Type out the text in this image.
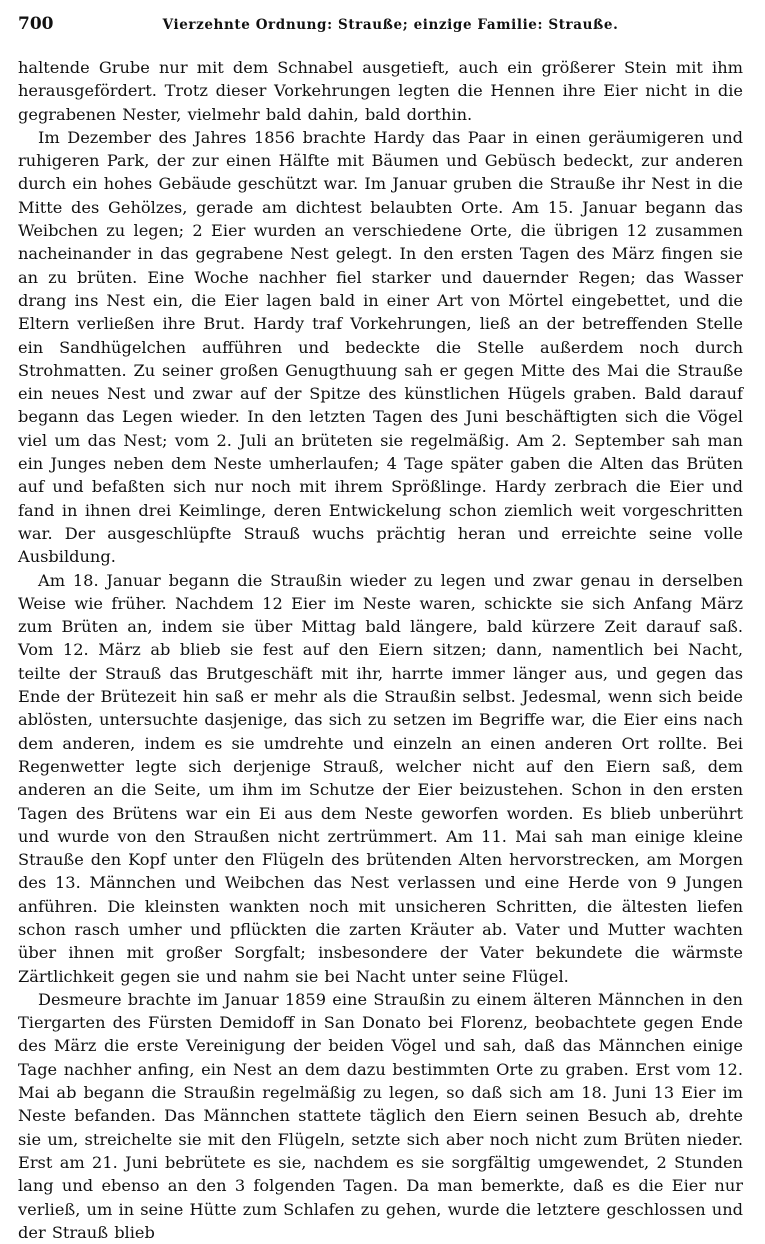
700	Vierzehnte Ordnung: Strauße; einzige Familie: Strauße.

haltende Grube nur mit dem Schnabel ausgetieft, auch ein größerer Stein mit ihm herausgefördert. Trotz dieser Vorkehrungen legten die Hennen ihre Eier nicht in die gegrabenen Nester, vielmehr bald dahin, bald dorthin.

Im Dezember des Jahres 1856 brachte Hardy das Paar in einen geräumigeren und ruhigeren Park, der zur einen Hälfte mit Bäumen und Gebüsch bedeckt, zur anderen durch ein hohes Gebäude geschützt war. Im Januar gruben die Strauße ihr Nest in die Mitte des Gehölzes, gerade am dichtest belaubten Orte. Am 15. Januar begann das Weibchen zu legen; 2 Eier wurden an verschiedene Orte, die übrigen 12 zusammen nacheinander in das gegrabene Nest gelegt. In den ersten Tagen des März fingen sie an zu brüten. Eine Woche nachher fiel starker und dauernder Regen; das Wasser drang ins Nest ein, die Eier lagen bald in einer Art von Mörtel eingebettet, und die Eltern verließen ihre Brut. Hardy traf Vorkehrungen, ließ an der betreffenden Stelle ein Sandhügelchen aufführen und bedeckte die Stelle außerdem noch durch Strohmatten. Zu seiner großen Genugthuung sah er gegen Mitte des Mai die Strauße ein neues Nest und zwar auf der Spitze des künstlichen Hügels graben. Bald darauf begann das Legen wieder. In den letzten Tagen des Juni beschäftigten sich die Vögel viel um das Nest; vom 2. Juli an brüteten sie regelmäßig. Am 2. September sah man ein Junges neben dem Neste umherlaufen; 4 Tage später gaben die Alten das Brüten auf und befaßten sich nur noch mit ihrem Sprößlinge. Hardy zerbrach die Eier und fand in ihnen drei Keimlinge, deren Entwickelung schon ziemlich weit vorgeschritten war. Der ausgeschlüpfte Strauß wuchs prächtig heran und erreichte seine volle Ausbildung.

Am 18. Januar begann die Straußin wieder zu legen und zwar genau in derselben Weise wie früher. Nachdem 12 Eier im Neste waren, schickte sie sich Anfang März zum Brüten an, indem sie über Mittag bald längere, bald kürzere Zeit darauf saß. Vom 12. März ab blieb sie fest auf den Eiern sitzen; dann, namentlich bei Nacht, teilte der Strauß das Brutgeschäft mit ihr, harrte immer länger aus, und gegen das Ende der Brütezeit hin saß er mehr als die Straußin selbst. Jedesmal, wenn sich beide ablösten, untersuchte dasjenige, das sich zu setzen im Begriffe war, die Eier eins nach dem anderen, indem es sie umdrehte und einzeln an einen anderen Ort rollte. Bei Regenwetter legte sich derjenige Strauß, welcher nicht auf den Eiern saß, dem anderen an die Seite, um ihm im Schutze der Eier beizustehen. Schon in den ersten Tagen des Brütens war ein Ei aus dem Neste geworfen worden. Es blieb unberührt und wurde von den Straußen nicht zertrümmert. Am 11. Mai sah man einige kleine Strauße den Kopf unter den Flügeln des brütenden Alten hervorstrecken, am Morgen des 13. Männchen und Weibchen das Nest verlassen und eine Herde von 9 Jungen anführen. Die kleinsten wankten noch mit unsicheren Schritten, die ältesten liefen schon rasch umher und pflückten die zarten Kräuter ab. Vater und Mutter wachten über ihnen mit großer Sorgfalt; insbesondere der Vater bekundete die wärmste Zärtlichkeit gegen sie und nahm sie bei Nacht unter seine Flügel.

Desmeure brachte im Januar 1859 eine Straußin zu einem älteren Männchen in den Tiergarten des Fürsten Demidoff in San Donato bei Florenz, beobachtete gegen Ende des März die erste Vereinigung der beiden Vögel und sah, daß das Männchen einige Tage nachher anfing, ein Nest an dem dazu bestimmten Orte zu graben. Erst vom 12. Mai ab begann die Straußin regelmäßig zu legen, so daß sich am 18. Juni 13 Eier im Neste befanden. Das Männchen stattete täglich den Eiern seinen Besuch ab, drehte sie um, streichelte sie mit den Flügeln, setzte sich aber noch nicht zum Brüten nieder. Erst am 21. Juni bebrütete es sie, nachdem es sie sorgfältig umgewendet, 2 Stunden lang und ebenso an den 3 folgenden Tagen. Da man bemerkte, daß es die Eier nur verließ, um in seine Hütte zum Schlafen zu gehen, wurde die letztere geschlossen und der Strauß blieb
